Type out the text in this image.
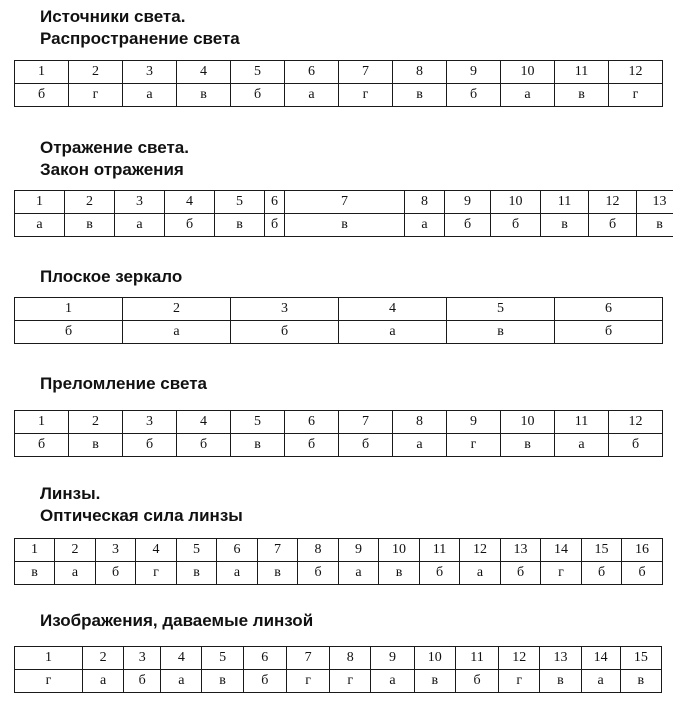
Источники света.
Распространение света
1	2	3	4	5	6	7	8	9	10	11	12
б	г	а	в	б	а	г	в	б	а	в	г
Отражение света.
Закон отражения
1	2	3	4	5	6	7	8	9	10	11	12	13
а	в	а	б	в	б	в	а	б	б	в	б	в
Плоское зеркало
1	2	3	4	5	6
б	а	б	а	в	б
Преломление света
1	2	3	4	5	6	7	8	9	10	11	12
б	в	б	б	в	б	б	а	г	в	а	б
Линзы.
Оптическая сила линзы
1	2	3	4	5	6	7	8	9	10	11	12	13	14	15	16
в	а	б	г	в	а	в	б	а	в	б	а	б	г	б	б
Изображения, даваемые линзой
1	2	3	4	5	6	7	8	9	10	11	12	13	14	15
г	а	б	а	в	б	г	г	а	в	б	г	в	а	в
